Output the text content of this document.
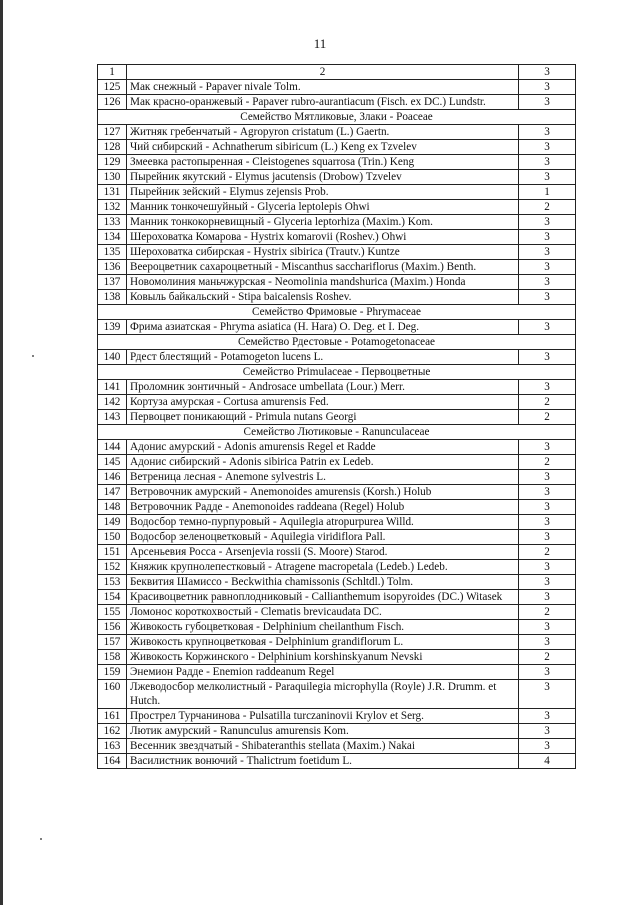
11
1	2	3
125	Мак снежный - Papaver nivale Tolm.	3
126	Мак красно-оранжевый - Papaver rubro-aurantiacum (Fisch. ex DC.) Lundstr.	3
Семейство Мятликовые, Злаки - Poaceae		
127	Житняк гребенчатый - Agropyron cristatum (L.) Gaertn.	3
128	Чий сибирский - Achnatherum sibiricum (L.) Keng ex Tzvelev	3
129	Змеевка растопыренная - Cleistogenes squarrosa (Trin.) Keng	3
130	Пырейник якутский - Elymus jacutensis (Drobow) Tzvelev	3
131	Пырейник зейский - Elymus zejensis Prob.	1
132	Манник тонкочешуйный - Glyceria leptolepis Ohwi	2
133	Манник тонкокорневищный - Glyceria leptorhiza (Maxim.) Kom.	3
134	Шероховатка Комарова - Hystrix komarovii (Roshev.) Ohwi	3
135	Шероховатка сибирская - Hystrix sibirica (Trautv.) Kuntze	3
136	Веероцветник сахароцветный - Miscanthus sacchariflorus (Maxim.) Benth.	3
137	Новомолиния маньчжурская - Neomolinia mandshurica (Maxim.) Honda	3
138	Ковыль байкальский - Stipa baicalensis Roshev.	3
Семейство Фримовые - Phrymaceae		
139	Фрима азиатская - Phryma asiatica (H. Hara) O. Deg. et I. Deg.	3
Семейство Рдестовые - Potamogetonaceae		
140	Рдест блестящий - Potamogeton lucens L.	3
Семейство Primulaceae - Первоцветные		
141	Проломник зонтичный - Androsace umbellata (Lour.) Merr.	3
142	Кортуза амурская - Cortusa amurensis Fed.	2
143	Первоцвет поникающий - Primula nutans Georgi	2
Семейство Лютиковые - Ranunculaceae		
144	Адонис амурский - Adonis amurensis Regel et Radde	3
145	Адонис сибирский - Adonis sibirica Patrin ex Ledeb.	2
146	Ветреница лесная - Anemone sylvestris L.	3
147	Ветровочник амурский - Anemonoides amurensis (Korsh.) Holub	3
148	Ветровочник Радде - Anemonoides raddeana (Regel) Holub	3
149	Водосбор темно-пурпуровый - Aquilegia atropurpurea Willd.	3
150	Водосбор зеленоцветковый - Aquilegia viridiflora Pall.	3
151	Арсеньевия Росса - Arsenjevia rossii (S. Moore) Starod.	2
152	Княжик крупнолепестковый - Atragene macropetala (Ledeb.) Ledeb.	3
153	Беквития Шамиссо - Beckwithia chamissonis (Schltdl.) Tolm.	3
154	Красивоцветник равноплодниковый - Callianthemum isopyroides (DC.) Witasek	3
155	Ломонос короткохвостый - Clematis brevicaudata DC.	2
156	Живокость губоцветковая - Delphinium cheilanthum Fisch.	3
157	Живокость крупноцветковая - Delphinium grandiflorum L.	3
158	Живокость Коржинского - Delphinium korshinskyanum Nevski	2
159	Энемион Радде - Enemion raddeanum Regel	3
160	Лжеводосбор мелколистный - Paraquilegia microphylla (Royle) J.R. Drumm. et Hutch.	3
161	Прострел Турчанинова - Pulsatilla turczaninovii Krylov et Serg.	3
162	Лютик амурский - Ranunculus amurensis Kom.	3
163	Весенник звездчатый - Shibateranthis stellata (Maxim.) Nakai	3
164	Василистник вонючий - Thalictrum foetidum L.	4
